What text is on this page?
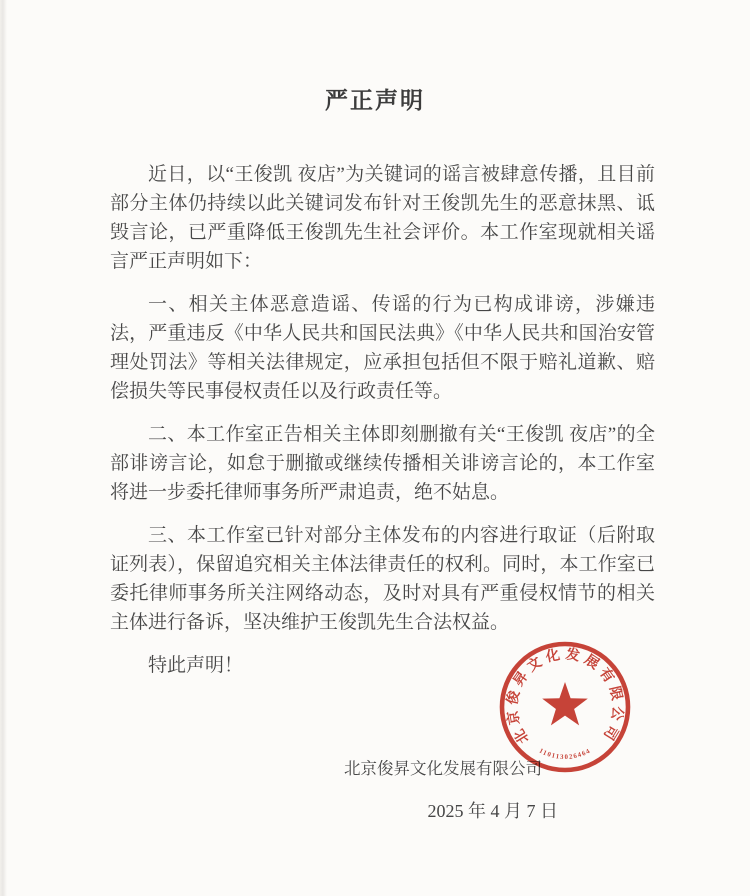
严正声明

近日，以“王俊凯 夜店”为关键词的谣言被肆意传播，且目前部分主体仍持续以此关键词发布针对王俊凯先生的恶意抹黑、诋毁言论，已严重降低王俊凯先生社会评价。本工作室现就相关谣言严正声明如下：

一、相关主体恶意造谣、传谣的行为已构成诽谤，涉嫌违法，严重违反《中华人民共和国民法典》《中华人民共和国治安管理处罚法》等相关法律规定，应承担包括但不限于赔礼道歉、赔偿损失等民事侵权责任以及行政责任等。

二、本工作室正告相关主体即刻删撤有关“王俊凯 夜店”的全部诽谤言论，如怠于删撤或继续传播相关诽谤言论的，本工作室将进一步委托律师事务所严肃追责，绝不姑息。

三、本工作室已针对部分主体发布的内容进行取证（后附取证列表），保留追究相关主体法律责任的权利。同时，本工作室已委托律师事务所关注网络动态，及时对具有严重侵权情节的相关主体进行备诉，坚决维护王俊凯先生合法权益。

特此声明！

北京俊昇文化发展有限公司
2025 年 4 月 7 日
北京俊昇文化发展有限公司
110113026464
